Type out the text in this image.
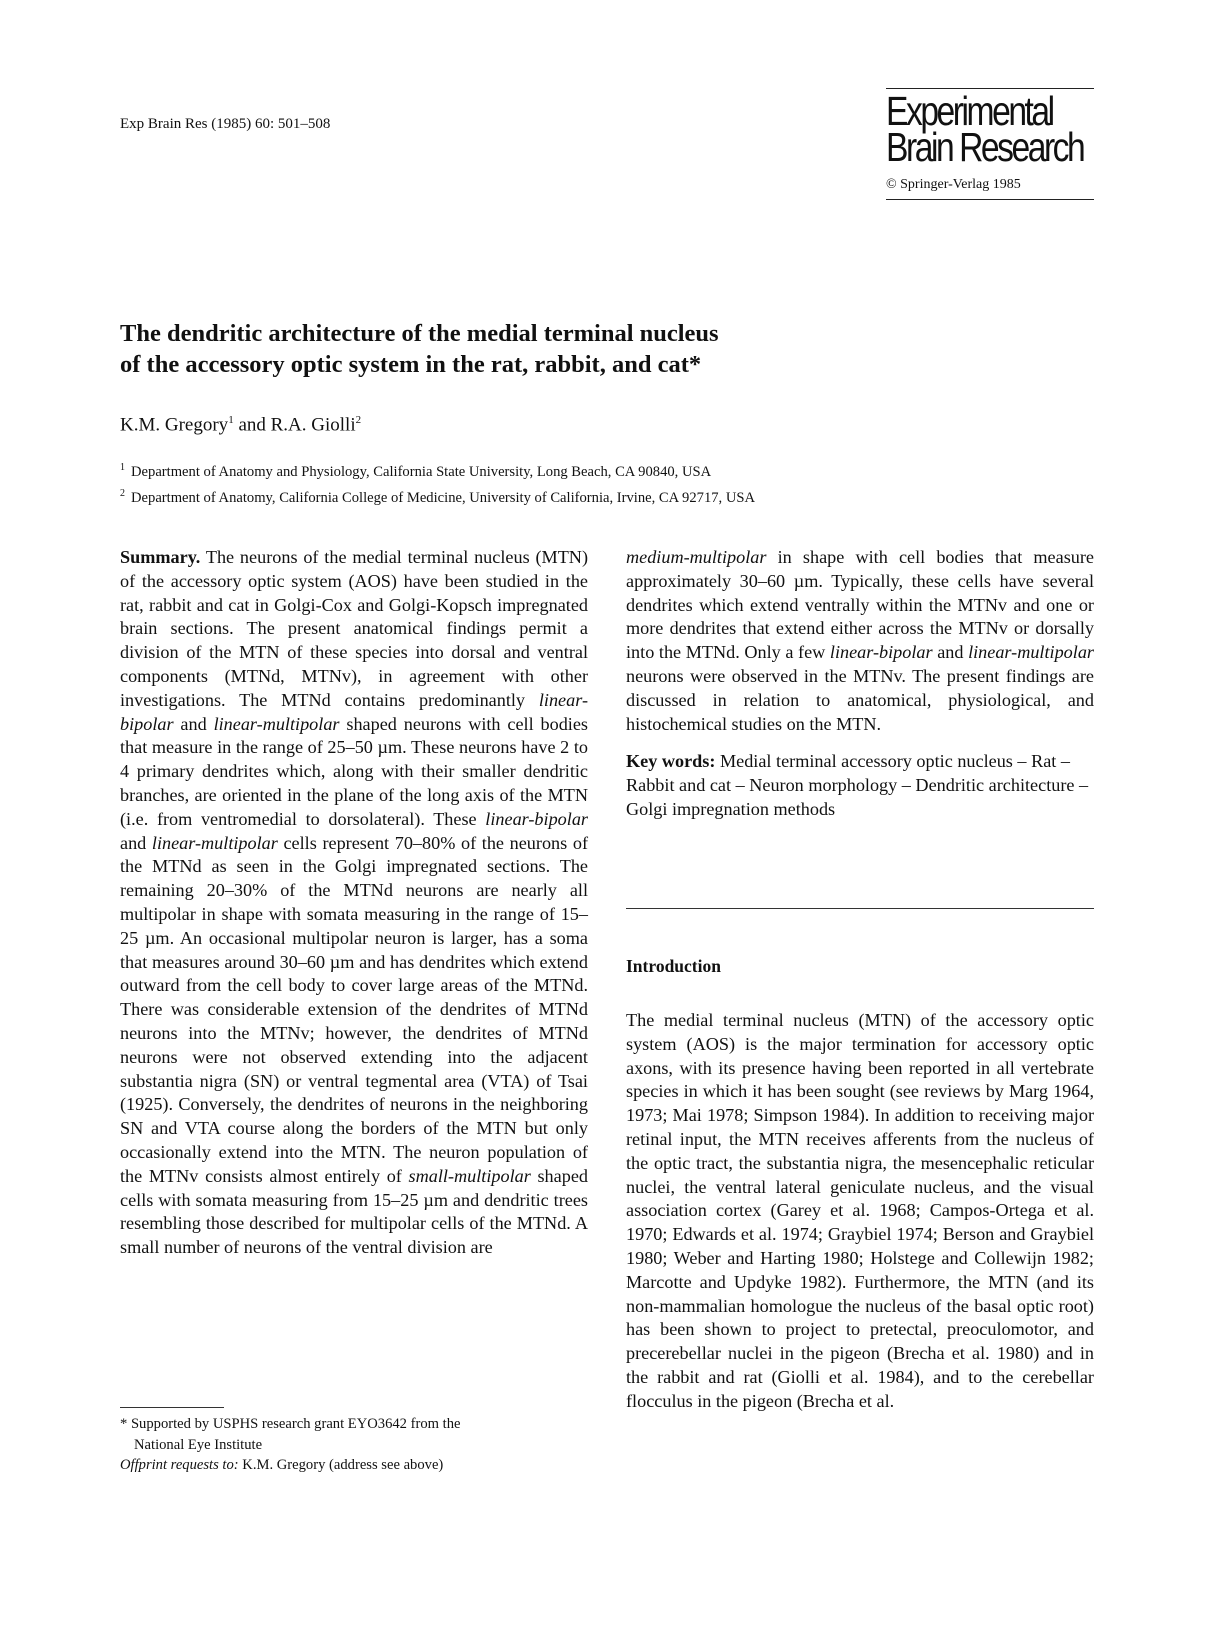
Exp Brain Res (1985) 60: 501–508	Experimental
Brain Research
© Springer-Verlag 1985
The dendritic architecture of the medial terminal nucleus
of the accessory optic system in the rat, rabbit, and cat*
K.M. Gregory$^1$ and R.A. Giolli$^2$
$^1$ Department of Anatomy and Physiology, California State University, Long Beach, CA 90840, USA
$^2$ Department of Anatomy, California College of Medicine, University of California, Irvine, CA 92717, USA

Summary. The neurons of the medial terminal nucleus (MTN) of the accessory optic system (AOS) have been studied in the rat, rabbit and cat in Golgi-Cox and Golgi-Kopsch impregnated brain sections. The present anatomical findings permit a division of the MTN of these species into dorsal and ventral components (MTNd, MTNv), in agreement with other investigations. The MTNd contains predominantly linear-bipolar and linear-multipolar shaped neurons with cell bodies that measure in the range of 25–50 µm. These neurons have 2 to 4 primary dendrites which, along with their smaller dendritic branches, are oriented in the plane of the long axis of the MTN (i.e. from ventromedial to dorsolateral). These linear-bipolar and linear-multipolar cells represent 70–80% of the neurons of the MTNd as seen in the Golgi impregnated sections. The remaining 20–30% of the MTNd neurons are nearly all multipolar in shape with somata measuring in the range of 15–25 µm. An occasional multipolar neuron is larger, has a soma that measures around 30–60 µm and has dendrites which extend outward from the cell body to cover large areas of the MTNd. There was considerable extension of the dendrites of MTNd neurons into the MTNv; however, the dendrites of MTNd neurons were not observed extending into the adjacent substantia nigra (SN) or ventral tegmental area (VTA) of Tsai (1925). Conversely, the dendrites of neurons in the neighboring SN and VTA course along the borders of the MTN but only occasionally extend into the MTN. The neuron population of the MTNv consists almost entirely of small-multipolar shaped cells with somata measuring from 15–25 µm and dendritic trees resembling those described for multipolar cells of the MTNd. A small number of neurons of the ventral division are

medium-multipolar in shape with cell bodies that measure approximately 30–60 µm. Typically, these cells have several dendrites which extend ventrally within the MTNv and one or more dendrites that extend either across the MTNv or dorsally into the MTNd. Only a few linear-bipolar and linear-multipolar neurons were observed in the MTNv. The present findings are discussed in relation to anatomical, physiological, and histochemical studies on the MTN.

Key words: Medial terminal accessory optic nucleus – Rat – Rabbit and cat – Neuron morphology – Dendritic architecture – Golgi impregnation methods

Introduction

The medial terminal nucleus (MTN) of the accessory optic system (AOS) is the major termination for accessory optic axons, with its presence having been reported in all vertebrate species in which it has been sought (see reviews by Marg 1964, 1973; Mai 1978; Simpson 1984). In addition to receiving major retinal input, the MTN receives afferents from the nucleus of the optic tract, the substantia nigra, the mesencephalic reticular nuclei, the ventral lateral geniculate nucleus, and the visual association cortex (Garey et al. 1968; Campos-Ortega et al. 1970; Edwards et al. 1974; Graybiel 1974; Berson and Graybiel 1980; Weber and Harting 1980; Holstege and Collewijn 1982; Marcotte and Updyke 1982). Furthermore, the MTN (and its non-mammalian homologue the nucleus of the basal optic root) has been shown to project to pretectal, preoculomotor, and precerebellar nuclei in the pigeon (Brecha et al. 1980) and in the rabbit and rat (Giolli et al. 1984), and to the cerebellar flocculus in the pigeon (Brecha et al.

* Supported by USPHS research grant EYO3642 from the

National Eye Institute

Offprint requests to: K.M. Gregory (address see above)
